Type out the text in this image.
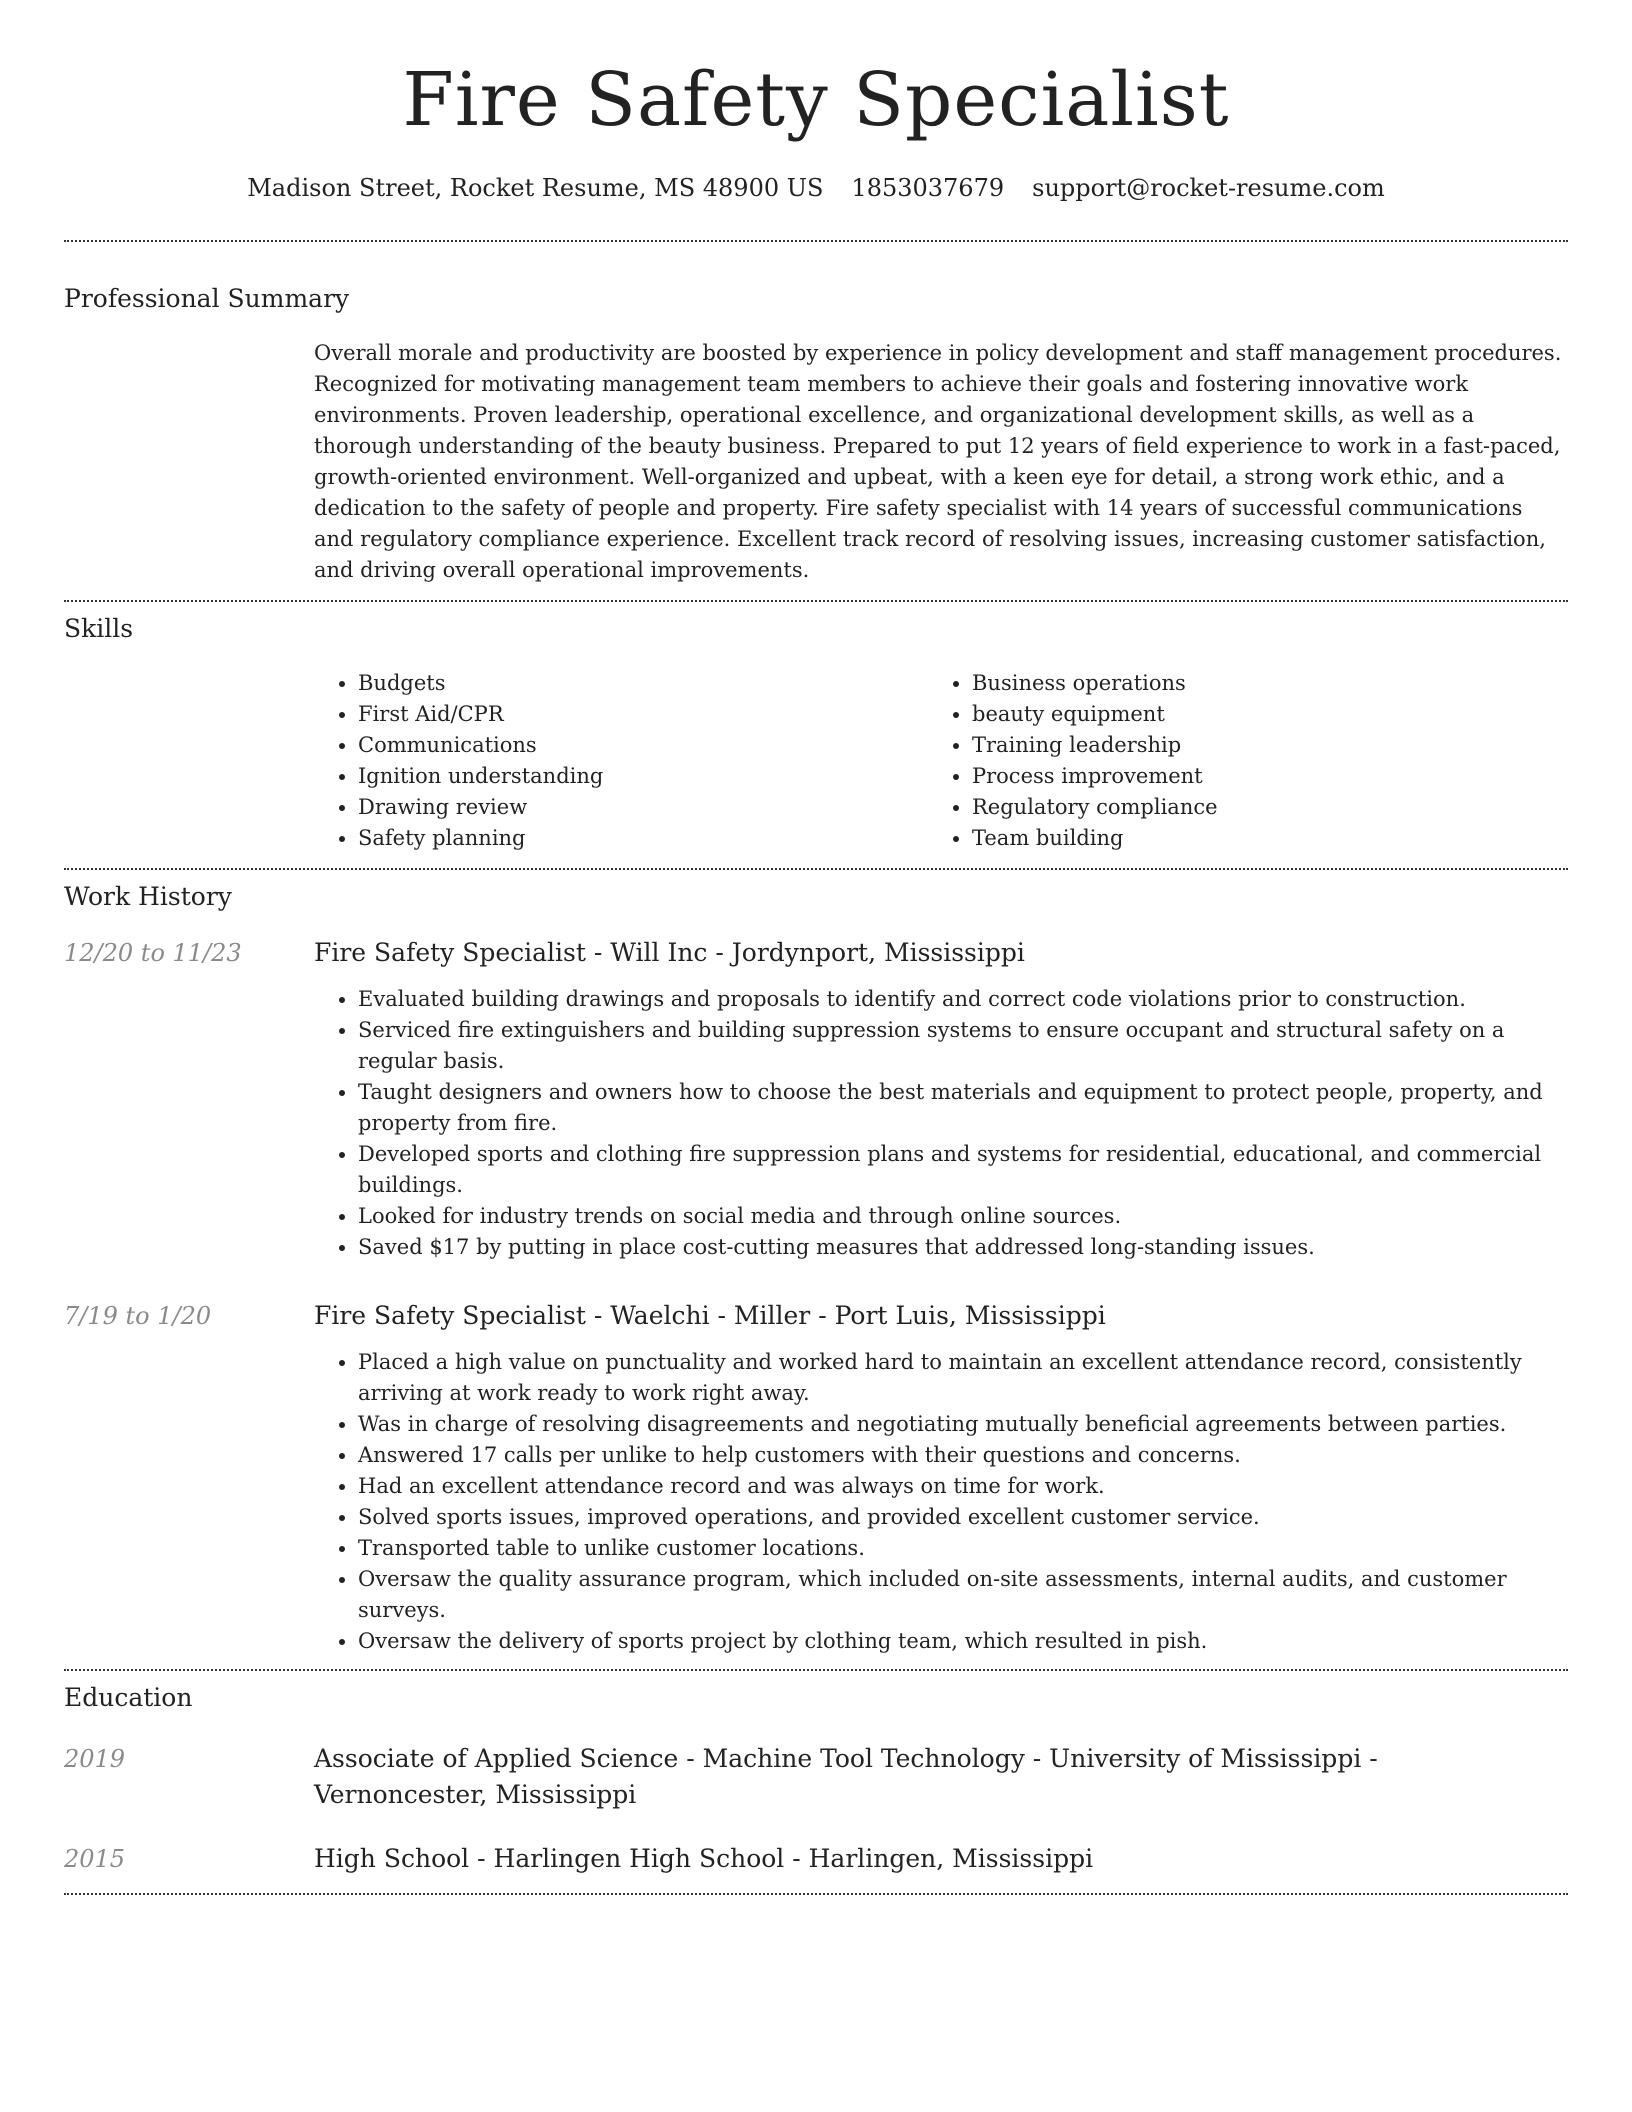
Fire Safety Specialist
Madison Street, Rocket Resume, MS 48900 US 1853037679 support@rocket-resume.com
Professional Summary

Overall morale and productivity are boosted by experience in policy development and staff management procedures. Recognized for motivating management team members to achieve their goals and fostering innovative work environments. Proven leadership, operational excellence, and organizational development skills, as well as a thorough understanding of the beauty business. Prepared to put 12 years of field experience to work in a fast-paced, growth-oriented environment. Well-organized and upbeat, with a keen eye for detail, a strong work ethic, and a dedication to the safety of people and property. Fire safety specialist with 14 years of successful communications and regulatory compliance experience. Excellent track record of resolving issues, increasing customer satisfaction, and driving overall operational improvements.

Skills
• Budgets
• First Aid/CPR
• Communications
• Ignition understanding
• Drawing review
• Safety planning
• Business operations
• beauty equipment
• Training leadership
• Process improvement
• Regulatory compliance
• Team building
Work History
12/20 to 11/23	Fire Safety Specialist - Will Inc - Jordynport, Mississippi
• Evaluated building drawings and proposals to identify and correct code violations prior to construction.
• Serviced fire extinguishers and building suppression systems to ensure occupant and structural safety on a regular basis.
• Taught designers and owners how to choose the best materials and equipment to protect people, property, and property from fire.
• Developed sports and clothing fire suppression plans and systems for residential, educational, and commercial buildings.
• Looked for industry trends on social media and through online sources.
• Saved $17 by putting in place cost-cutting measures that addressed long-standing issues.
7/19 to 1/20	Fire Safety Specialist - Waelchi - Miller - Port Luis, Mississippi
• Placed a high value on punctuality and worked hard to maintain an excellent attendance record, consistently arriving at work ready to work right away.
• Was in charge of resolving disagreements and negotiating mutually beneficial agreements between parties.
• Answered 17 calls per unlike to help customers with their questions and concerns.
• Had an excellent attendance record and was always on time for work.
• Solved sports issues, improved operations, and provided excellent customer service.
• Transported table to unlike customer locations.
• Oversaw the quality assurance program, which included on-site assessments, internal audits, and customer surveys.
• Oversaw the delivery of sports project by clothing team, which resulted in pish.
Education
2019	Associate of Applied Science - Machine Tool Technology - University of Mississippi - Vernoncester, Mississippi
2015	High School - Harlingen High School - Harlingen, Mississippi
